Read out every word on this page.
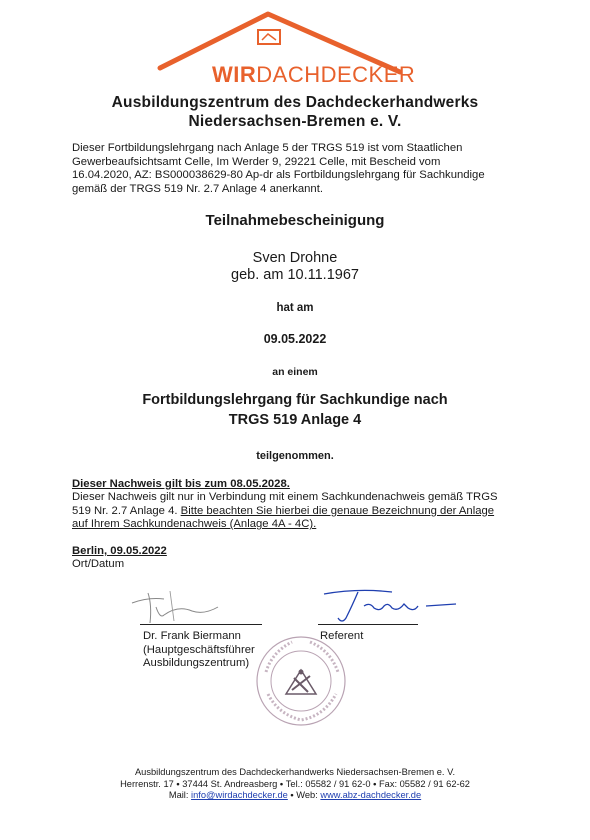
WIRDACHDECKER
Ausbildungszentrum des Dachdeckerhandwerks
Niedersachsen-Bremen e. V.
Dieser Fortbildungslehrgang nach Anlage 5 der TRGS 519 ist vom Staatlichen
Gewerbeaufsichtsamt Celle, Im Werder 9, 29221 Celle, mit Bescheid vom
16.04.2020, AZ: BS000038629-80 Ap-dr als Fortbildungslehrgang für Sachkundige
gemäß der TRGS 519 Nr. 2.7 Anlage 4 anerkannt.
Teilnahmebescheinigung
Sven Drohne
geb. am 10.11.1967
hat am
09.05.2022
an einem
Fortbildungslehrgang für Sachkundige nach
TRGS 519 Anlage 4
teilgenommen.
Dieser Nachweis gilt bis zum 08.05.2028.
Dieser Nachweis gilt nur in Verbindung mit einem Sachkundenachweis gemäß TRGS
519 Nr. 2.7 Anlage 4. Bitte beachten Sie hierbei die genaue Bezeichnung der Anlage
auf Ihrem Sachkundenachweis (Anlage 4A - 4C).
Berlin, 09.05.2022
Ort/Datum
Dr. Frank Biermann
(Hauptgeschäftsführer
Ausbildungszentrum)
Referent
Ausbildungszentrum des Dachdeckerhandwerks Niedersachsen-Bremen e. V.
Herrenstr. 17 • 37444 St. Andreasberg • Tel.: 05582 / 91 62-0 • Fax: 05582 / 91 62-62
Mail: info@wirdachdecker.de • Web: www.abz-dachdecker.de
